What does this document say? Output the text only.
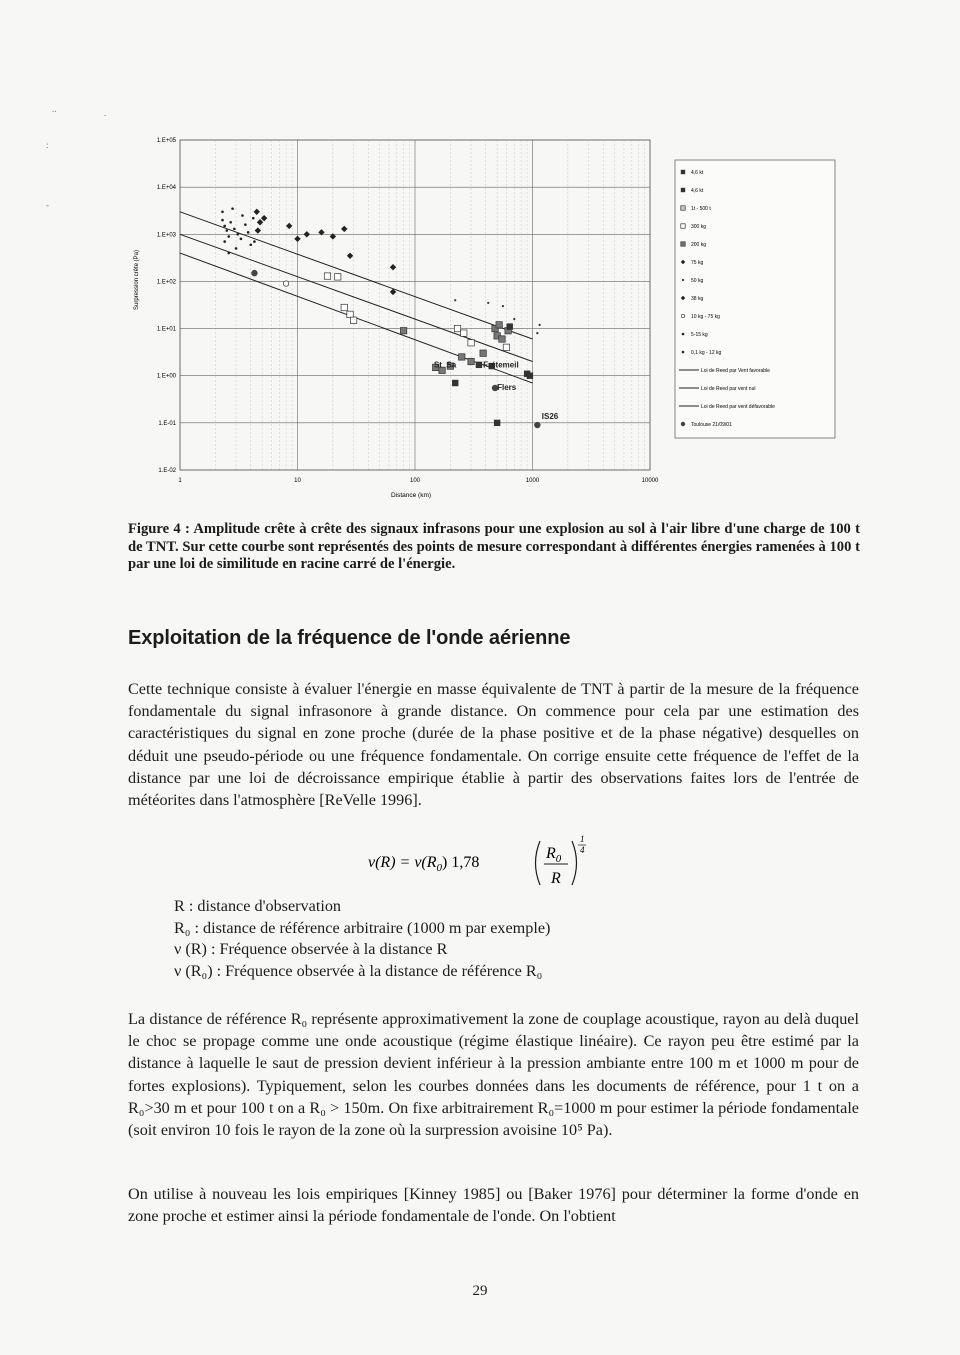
..	.
:
‐
1	10	100	1000	10000
1.E+05
1.E+04
1.E+03
1.E+02
1.E+01
1.E+00
1.E-01
1.E-02
St Sa	Frétemeil
Flers
IS26
Distance (km)
Surpression crête (Pa)
4,6 kt
4,6 kt
1t - 500 t
300 kg
200 kg
75 kg
50 kg
38 kg
10 kg - 75 kg
5-15 kg
0,1 kg - 12 kg
Loi de Reed par Vent favorable
Loi de Reed par vent nul
Loi de Reed par vent défavorable
Toulouse 21/09/01
Figure 4 : Amplitude crête à crête des signaux infrasons pour une explosion au sol à l'air libre d'une charge de 100 t de TNT. Sur cette courbe sont représentés des points de mesure correspondant à différentes énergies ramenées à 100 t par une loi de similitude en racine carré de l'énergie.
Exploitation de la fréquence de l'onde aérienne

Cette technique consiste à évaluer l'énergie en masse équivalente de TNT à partir de la mesure de la fréquence fondamentale du signal infrasonore à grande distance. On commence pour cela par une estimation des caractéristiques du signal en zone proche (durée de la phase positive et de la phase négative) desquelles on déduit une pseudo-période ou une fréquence fondamentale. On corrige ensuite cette fréquence de l'effet de la distance par une loi de décroissance empirique établie à partir des observations faites lors de l'entrée de météorites dans l'atmosphère [ReVelle 1996].

$\nu(R) = \nu(R_0)$ 1,78
$R_0$
R
1
4
R : distance d'observation
R₀ : distance de référence arbitraire (1000 m par exemple)
ν (R) : Fréquence observée à la distance R
ν (R₀) : Fréquence observée à la distance de référence R₀

La distance de référence R₀ représente approximativement la zone de couplage acoustique, rayon au delà duquel le choc se propage comme une onde acoustique (régime élastique linéaire). Ce rayon peu être estimé par la distance à laquelle le saut de pression devient inférieur à la pression ambiante entre 100 m et 1000 m pour de fortes explosions). Typiquement, selon les courbes données dans les documents de référence, pour 1 t on a R₀>30 m et pour 100 t on a R₀ > 150m. On fixe arbitrairement R₀=1000 m pour estimer la période fondamentale (soit environ 10 fois le rayon de la zone où la surpression avoisine 10⁵ Pa).

On utilise à nouveau les lois empiriques [Kinney 1985] ou [Baker 1976] pour déterminer la forme d'onde en zone proche et estimer ainsi la période fondamentale de l'onde. On l'obtient

29
